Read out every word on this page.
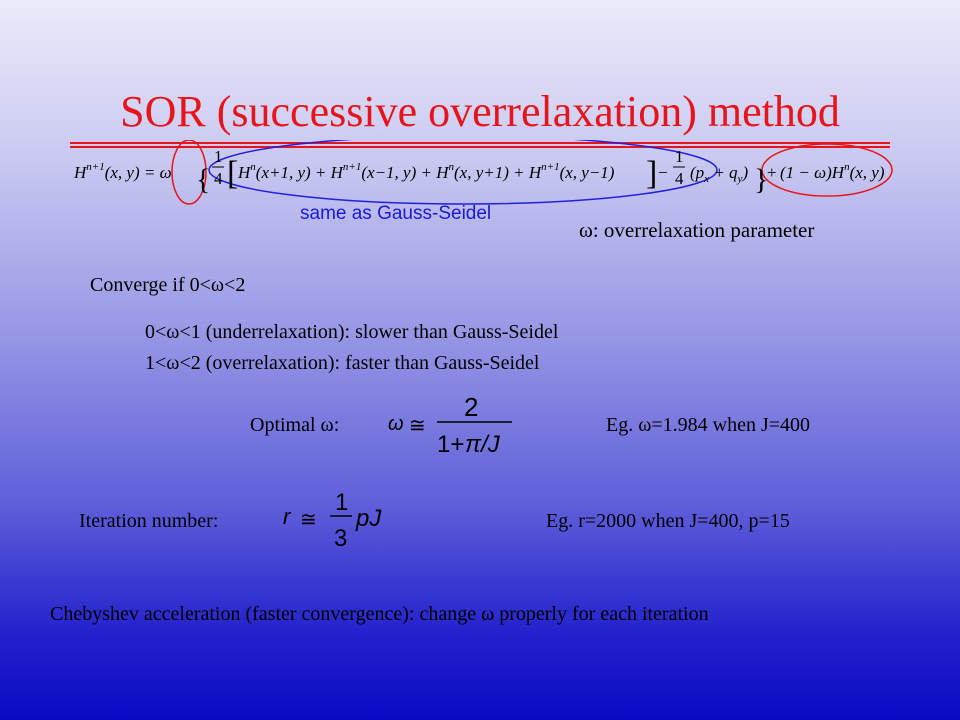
SOR (successive overrelaxation) method
$H^{n+1}(x$, y) = ω {
1
4 [ $H^n(x+1$, $y) + H^{n+1}(x-1$, $y) + H^n(x$, $y+1) + H^{n+1}(x$, y−1) ] −
1
4 $(p_x + q_y)$ }
+ $(1 - \omega)H^n(x$, y)
same as Gauss-Seidel
ω: overrelaxation parameter
Converge if 0<ω<2
0<ω<1 (underrelaxation): slower than Gauss-Seidel
1<ω<2 (overrelaxation): faster than Gauss-Seidel
Optimal ω: ω ≅
2
1+ π/J
Eg. ω=1.984 when J=400
Iteration number:	r ≅
1
3
pJ	Eg. r=2000 when J=400, p=15
Chebyshev acceleration (faster convergence): change ω properly for each iteration
